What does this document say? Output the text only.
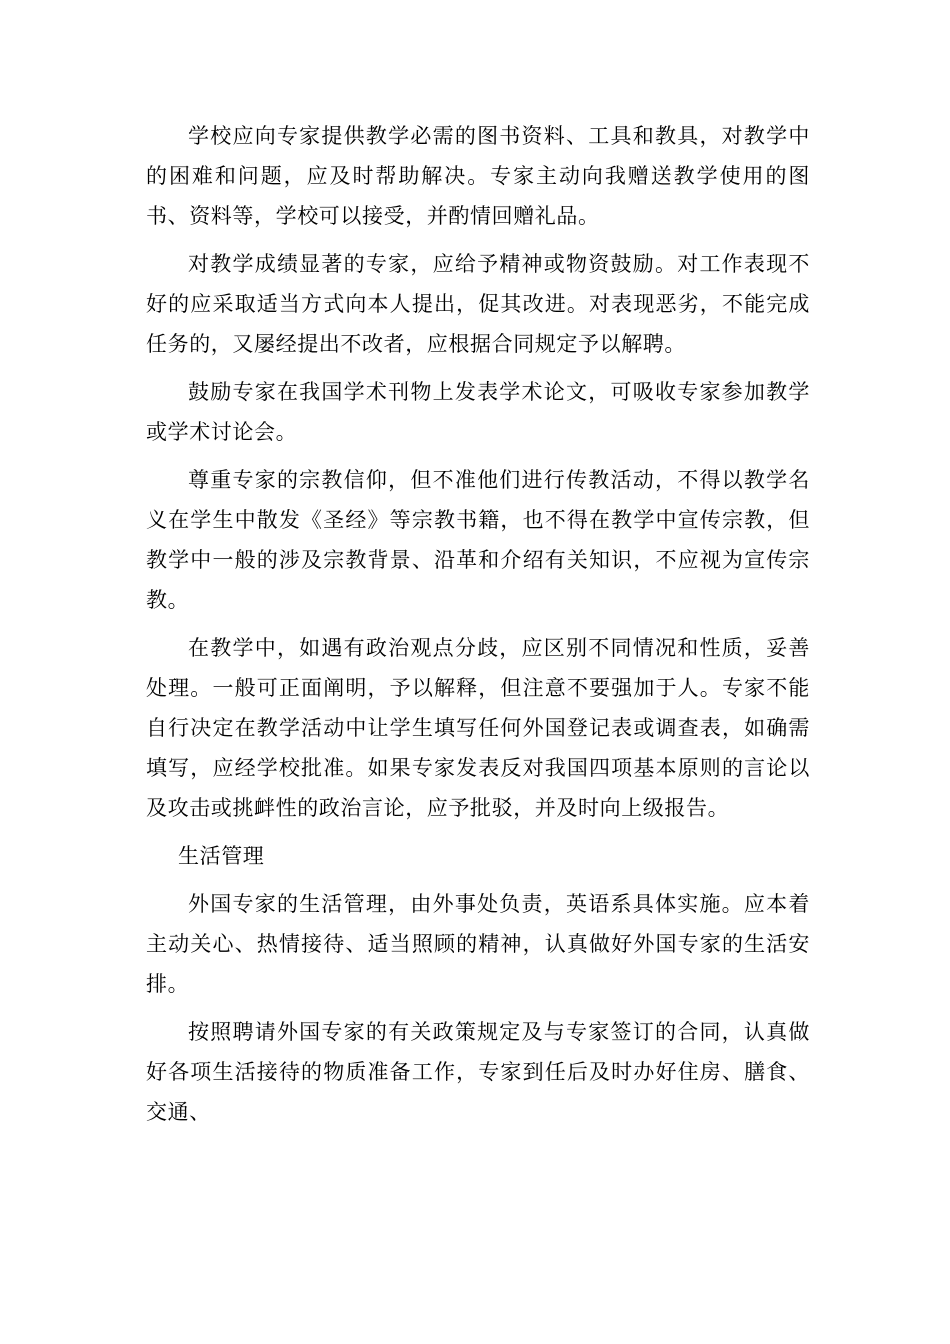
学校应向专家提供教学必需的图书资料、工具和教具，对教学中的困难和问题，应及时帮助解决。专家主动向我赠送教学使用的图书、资料等，学校可以接受，并酌情回赠礼品。

对教学成绩显著的专家，应给予精神或物资鼓励。对工作表现不好的应采取适当方式向本人提出，促其改进。对表现恶劣，不能完成任务的，又屡经提出不改者，应根据合同规定予以解聘。

鼓励专家在我国学术刊物上发表学术论文，可吸收专家参加教学或学术讨论会。

尊重专家的宗教信仰，但不准他们进行传教活动，不得以教学名义在学生中散发《圣经》等宗教书籍，也不得在教学中宣传宗教，但教学中一般的涉及宗教背景、沿革和介绍有关知识，不应视为宣传宗教。

在教学中，如遇有政治观点分歧，应区别不同情况和性质，妥善处理。一般可正面阐明，予以解释，但注意不要强加于人。专家不能自行决定在教学活动中让学生填写任何外国登记表或调查表，如确需填写，应经学校批准。如果专家发表反对我国四项基本原则的言论以及攻击或挑衅性的政治言论，应予批驳，并及时向上级报告。

生活管理

外国专家的生活管理，由外事处负责，英语系具体实施。应本着主动关心、热情接待、适当照顾的精神，认真做好外国专家的生活安排。

按照聘请外国专家的有关政策规定及与专家签订的合同，认真做好各项生活接待的物质准备工作，专家到任后及时办好住房、膳食、交通、
